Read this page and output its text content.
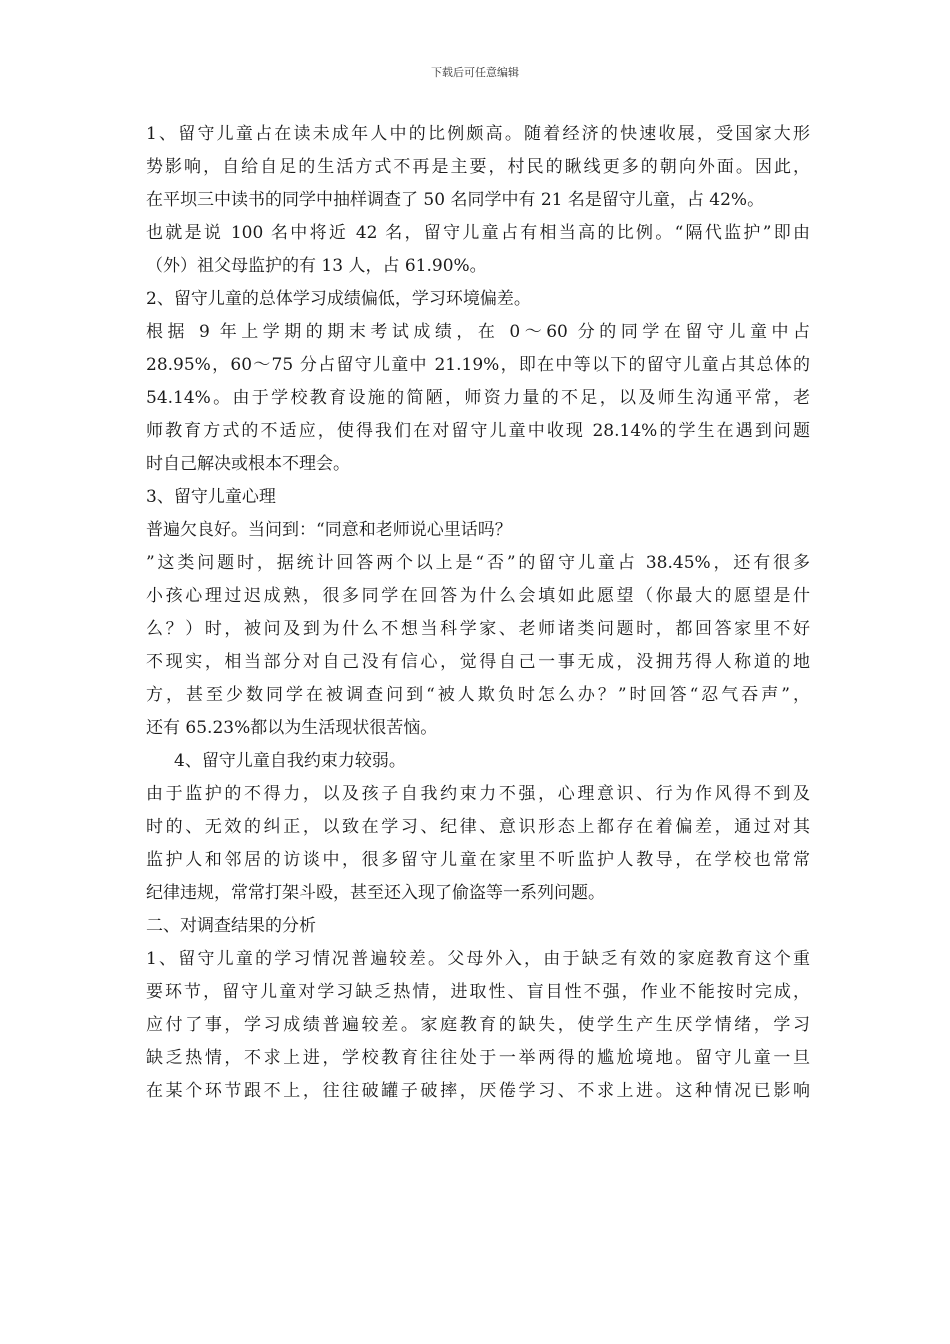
下载后可任意编辑
1、留守儿童占在读未成年人中的比例颇高。随着经济的快速收展，受国家大形
势影响，自给自足的生活方式不再是主要，村民的瞅线更多的朝向外面。因此，
在平坝三中读书的同学中抽样调查了 50 名同学中有 21 名是留守儿童，占 42%。
也就是说 100 名中将近 42 名，留守儿童占有相当高的比例。“隔代监护”即由
（外）祖父母监护的有 13 人，占 61.90%。
2、留守儿童的总体学习成绩偏低，学习环境偏差。
根据 9 年上学期的期末考试成绩，在 0～60 分的同学在留守儿童中占
28.95%，60～75 分占留守儿童中 21.19%，即在中等以下的留守儿童占其总体的
54.14%。由于学校教育设施的简陋，师资力量的不足，以及师生沟通平常，老
师教育方式的不适应，使得我们在对留守儿童中收现 28.14%的学生在遇到问题
时自己解决或根本不理会。
3、留守儿童心理
普遍欠良好。当问到：“同意和老师说心里话吗？
”这类问题时，据统计回答两个以上是“否”的留守儿童占 38.45%，还有很多
小孩心理过迟成熟，很多同学在回答为什么会填如此愿望（你最大的愿望是什
么？）时，被问及到为什么不想当科学家、老师诸类问题时，都回答家里不好
不现实，相当部分对自己没有信心，觉得自己一事无成，没拥艿得人称道的地
方，甚至少数同学在被调查问到“被人欺负时怎么办？”时回答“忍气吞声”，
还有 65.23%都以为生活现状很苦恼。
4、留守儿童自我约束力较弱。
由于监护的不得力，以及孩子自我约束力不强，心理意识、行为作风得不到及
时的、无效的纠正，以致在学习、纪律、意识形态上都存在着偏差，通过对其
监护人和邻居的访谈中，很多留守儿童在家里不听监护人教导，在学校也常常
纪律违规，常常打架斗殴，甚至还入现了偷盗等一系列问题。
二、对调查结果的分析
1、留守儿童的学习情况普遍较差。父母外入，由于缺乏有效的家庭教育这个重
要环节，留守儿童对学习缺乏热情，进取性、盲目性不强，作业不能按时完成，
应付了事，学习成绩普遍较差。家庭教育的缺失，使学生产生厌学情绪，学习
缺乏热情，不求上进，学校教育往往处于一举两得的尴尬境地。留守儿童一旦
在某个环节跟不上，往往破罐子破摔，厌倦学习、不求上进。这种情况已影响
